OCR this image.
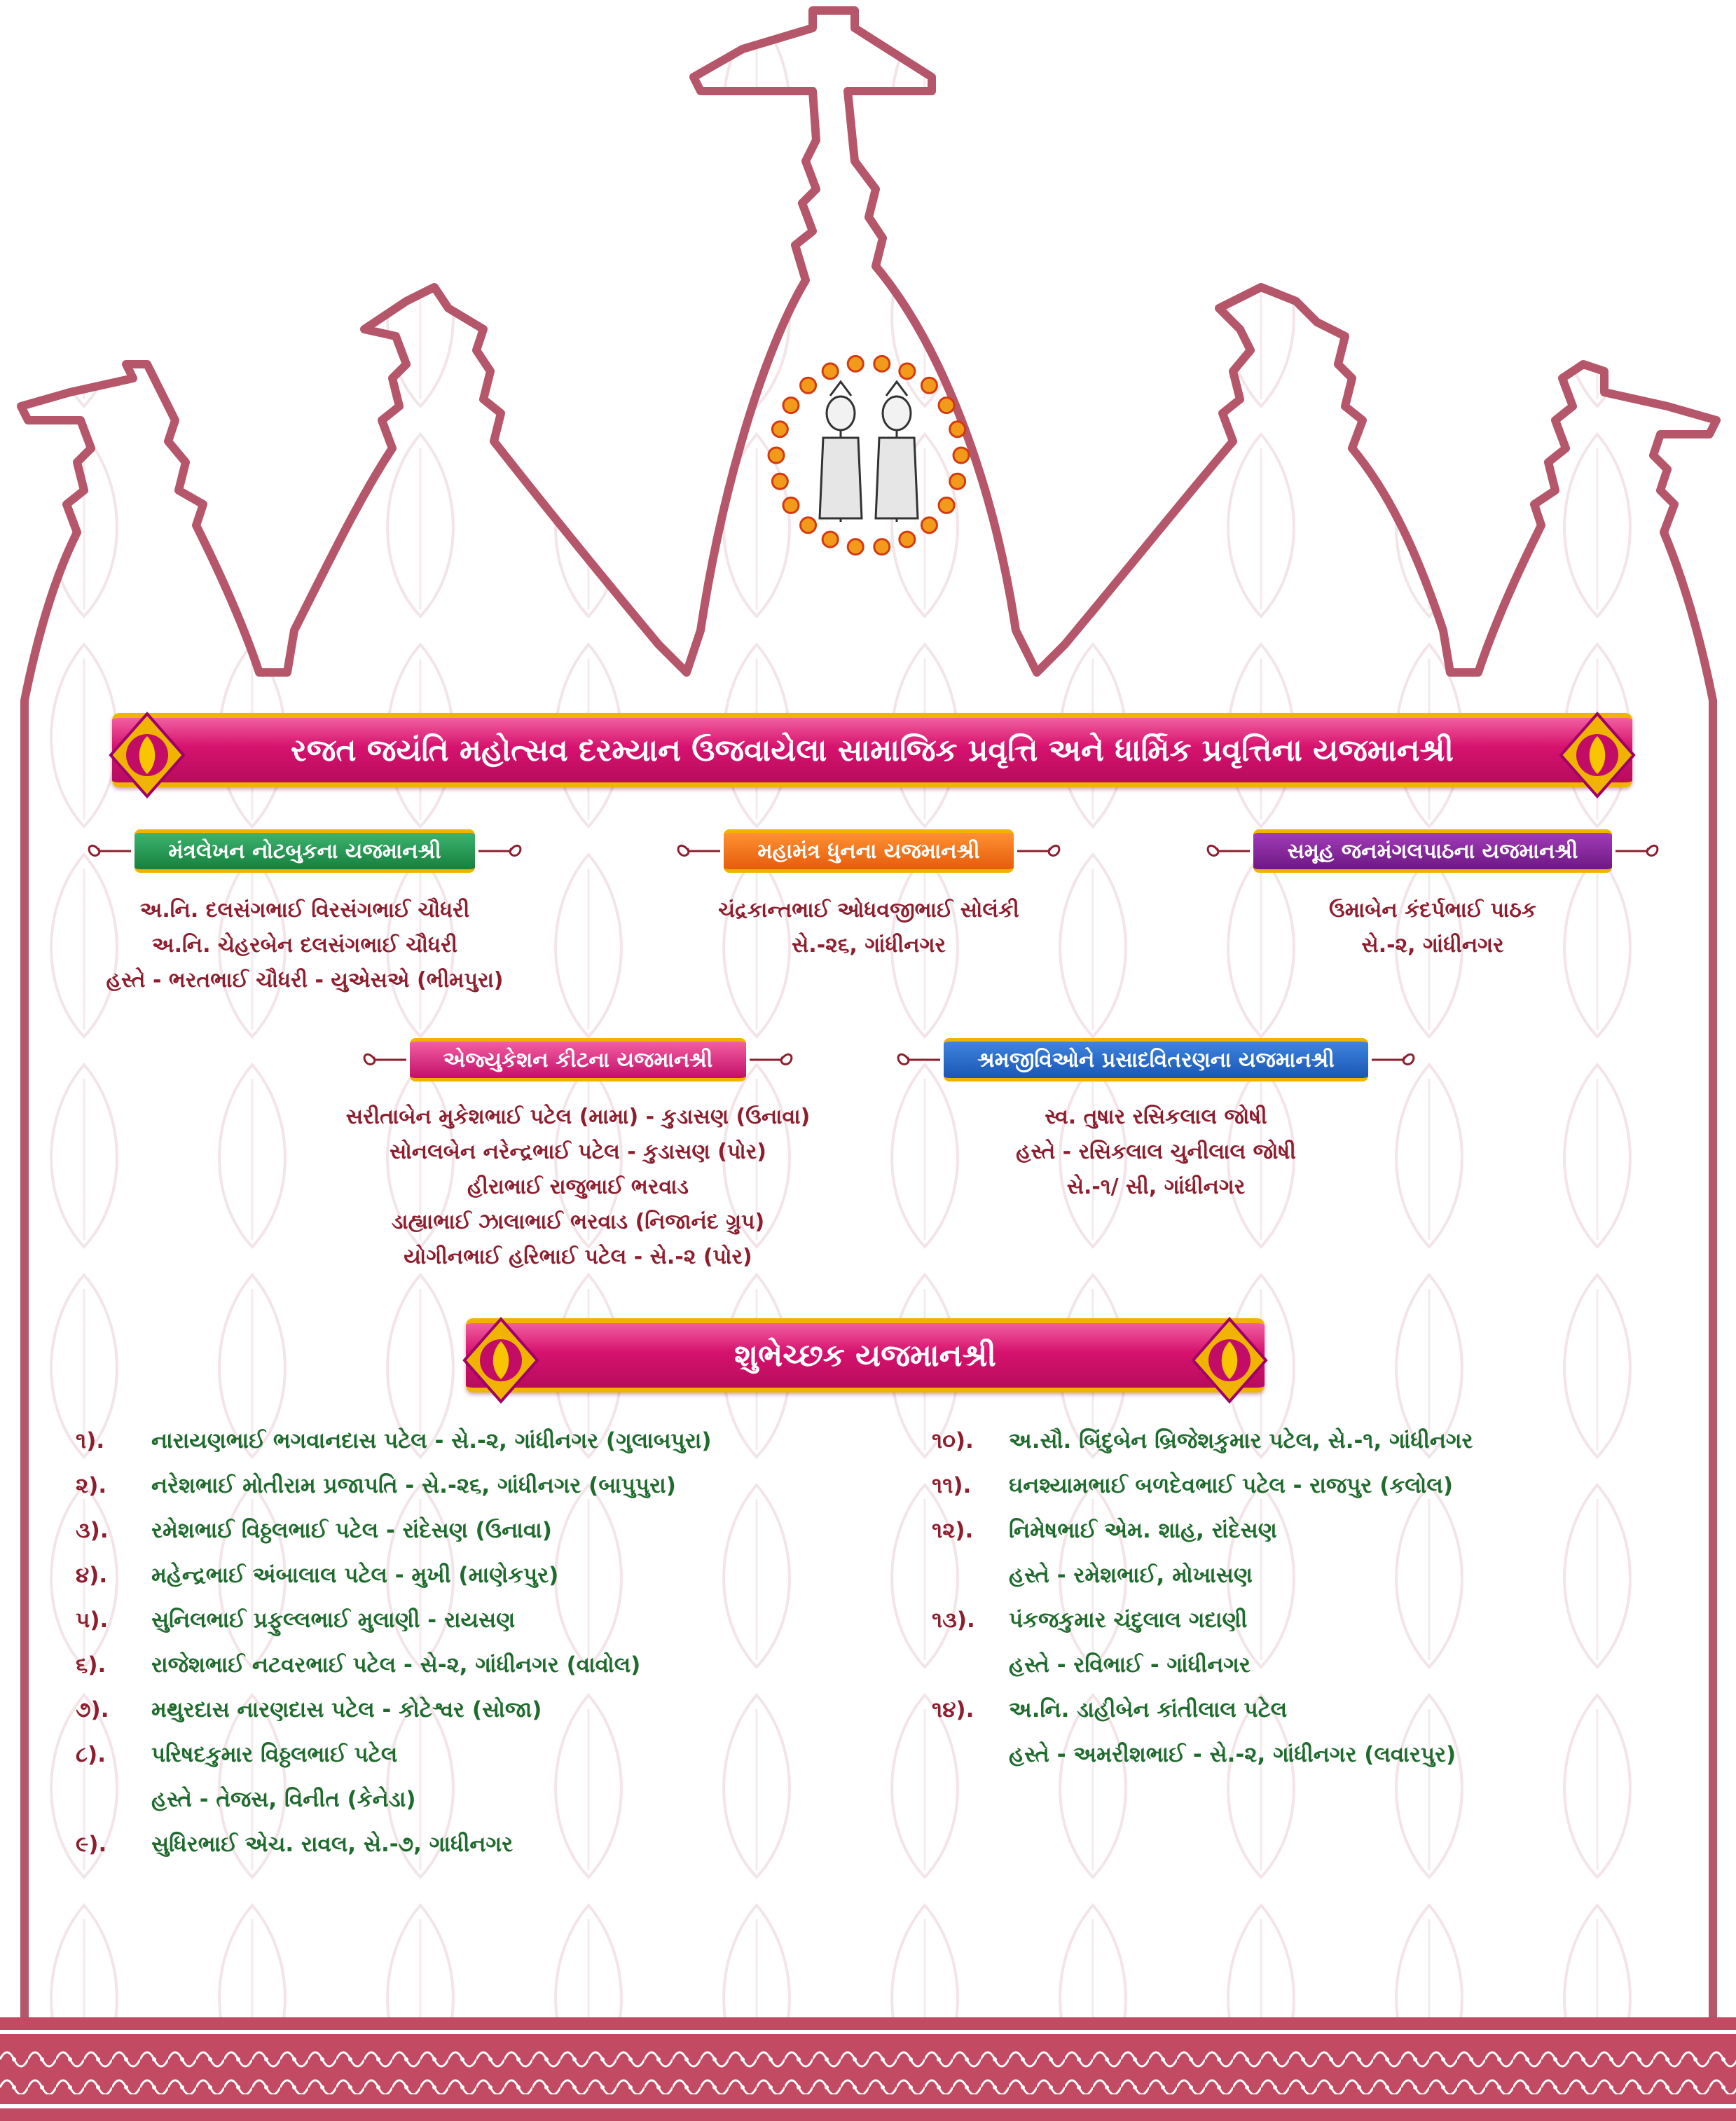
રજત જયંતિ મહોત્સવ દરમ્યાન ઉજવાયેલા સામાજિક પ્રવૃત્તિ અને ધાર્મિક પ્રવૃત્તિના યજમાનશ્રી
મંત્રલેખન નોટબુકના યજમાનશ્રી
અ.નિ. દલસંગભાઈ વિરસંગભાઈ ચૌધરી
અ.નિ. ચેહરબેન દલસંગભાઈ ચૌધરી
હસ્તે - ભરતભાઈ ચૌધરી - યુએસએ (ભીમપુરા)
મહામંત્ર ધુનના યજમાનશ્રી
ચંદ્રકાન્તભાઈ ઓધવજીભાઈ સોલંકી
સે.-૨૬, ગાંધીનગર
સમૂહ જનમંગલપાઠના યજમાનશ્રી
ઉમાબેન કંદર્પભાઈ પાઠક
સે.-૨, ગાંધીનગર
એજ્યુકેશન કીટના યજમાનશ્રી
સરીતાબેન મુકેશભાઈ પટેલ (મામા) - કુડાસણ (ઉનાવા)
સોનલબેન નરેન્દ્રભાઈ પટેલ - કુડાસણ (પોર)
હીરાભાઈ રાજુભાઈ ભરવાડ
ડાહ્યાભાઈ ઝાલાભાઈ ભરવાડ (નિજાનંદ ગ્રુપ)
યોગીનભાઈ હરિભાઈ પટેલ - સે.-૨ (પોર)
શ્રમજીવિઓને પ્રસાદવિતરણના યજમાનશ્રી
સ્વ. તુષાર રસિકલાલ જોષી
હસ્તે - રસિકલાલ ચુનીલાલ જોષી
સે.-૧/ સી, ગાંધીનગર
શુભેચ્છક યજમાનશ્રી
૧).	નારાયણભાઈ ભગવાનદાસ પટેલ - સે.-૨, ગાંધીનગર (ગુલાબપુરા)
૨).	નરેશભાઈ મોતીરામ પ્રજાપતિ - સે.-૨૬, ગાંધીનગર (બાપુપુરા)
૩).	રમેશભાઈ વિઠ્ઠલભાઈ પટેલ - રાંદેસણ (ઉનાવા)
૪).	મહેન્દ્રભાઈ અંબાલાલ પટેલ - મુખી (માણેકપુર)
૫).	સુનિલભાઈ પ્રફુલ્લભાઈ મુલાણી - રાયસણ
૬).	રાજેશભાઈ નટવરભાઈ પટેલ - સે-૨, ગાંધીનગર (વાવોલ)
૭).	મથુરદાસ નારણદાસ પટેલ - કોટેશ્વર (સોજા)
૮).	પરિષદકુમાર વિઠ્ઠલભાઈ પટેલ
હસ્તે - તેજસ, વિનીત (કેનેડા)
૯).	સુધિરભાઈ એચ. રાવલ, સે.-૭, ગાધીનગર
૧૦).	અ.સૌ. બિંદુબેન બ્રિજેશકુમાર પટેલ, સે.-૧, ગાંધીનગર
૧૧).	ઘનશ્યામભાઈ બળદેવભાઈ પટેલ - રાજપુર (કલોલ)
૧૨).	નિમેષભાઈ એમ. શાહ, રાંદેસણ
હસ્તે - રમેશભાઈ, મોખાસણ
૧૩).	પંકજકુમાર ચંદુલાલ ગદાણી
હસ્તે - રવિભાઈ - ગાંધીનગર
૧૪).	અ.નિ. ડાહીબેન કાંતીલાલ પટેલ
હસ્તે - અમરીશભાઈ - સે.-૨, ગાંધીનગર (લવારપુર)
